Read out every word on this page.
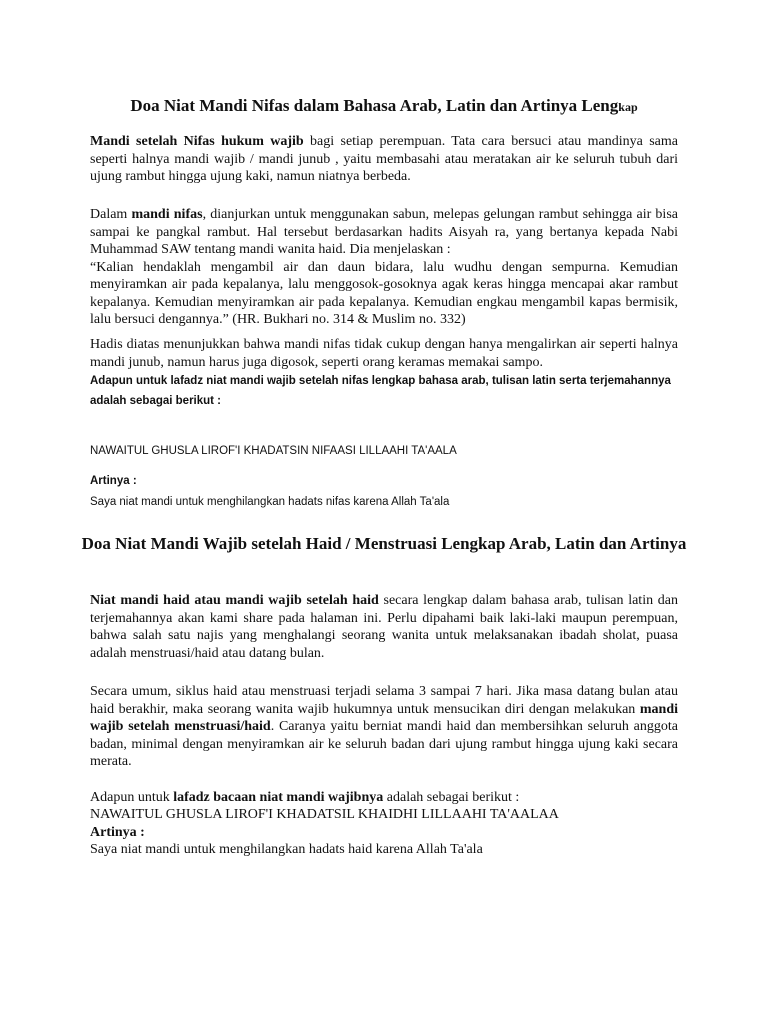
Doa Niat Mandi Nifas dalam Bahasa Arab, Latin dan Artinya Lengkap

Mandi setelah Nifas hukum wajib bagi setiap perempuan. Tata cara bersuci atau mandinya sama seperti halnya mandi wajib / mandi junub , yaitu membasahi atau meratakan air ke seluruh tubuh dari ujung rambut hingga ujung kaki, namun niatnya berbeda.

Dalam mandi nifas, dianjurkan untuk menggunakan sabun, melepas gelungan rambut sehingga air bisa sampai ke pangkal rambut. Hal tersebut berdasarkan hadits Aisyah ra, yang bertanya kepada Nabi Muhammad SAW tentang mandi wanita haid. Dia menjelaskan :
“Kalian hendaklah mengambil air dan daun bidara, lalu wudhu dengan sempurna. Kemudian menyiramkan air pada kepalanya, lalu menggosok-gosoknya agak keras hingga mencapai akar rambut kepalanya. Kemudian menyiramkan air pada kepalanya. Kemudian engkau mengambil kapas bermisik, lalu bersuci dengannya.” (HR. Bukhari no. 314 & Muslim no. 332)

Hadis diatas menunjukkan bahwa mandi nifas tidak cukup dengan hanya mengalirkan air seperti halnya mandi junub, namun harus juga digosok, seperti orang keramas memakai sampo.

Adapun untuk lafadz niat mandi wajib setelah nifas lengkap bahasa arab, tulisan latin serta terjemahannya adalah sebagai berikut :

NAWAITUL GHUSLA LIROF'I KHADATSIN NIFAASI LILLAAHI TA'AALA

Artinya :

Saya niat mandi untuk menghilangkan hadats nifas karena Allah Ta'ala

Doa Niat Mandi Wajib setelah Haid / Menstruasi Lengkap Arab, Latin dan Artinya

Niat mandi haid atau mandi wajib setelah haid secara lengkap dalam bahasa arab, tulisan latin dan terjemahannya akan kami share pada halaman ini. Perlu dipahami baik laki-laki maupun perempuan, bahwa salah satu najis yang menghalangi seorang wanita untuk melaksanakan ibadah sholat, puasa adalah menstruasi/haid atau datang bulan.

Secara umum, siklus haid atau menstruasi terjadi selama 3 sampai 7 hari. Jika masa datang bulan atau haid berakhir, maka seorang wanita wajib hukumnya untuk mensucikan diri dengan melakukan mandi wajib setelah menstruasi/haid. Caranya yaitu berniat mandi haid dan membersihkan seluruh anggota badan, minimal dengan menyiramkan air ke seluruh badan dari ujung rambut hingga ujung kaki secara merata.

Adapun untuk lafadz bacaan niat mandi wajibnya adalah sebagai berikut :

NAWAITUL GHUSLA LIROF'I KHADATSIL KHAIDHI LILLAAHI TA'AALAA

Artinya :

Saya niat mandi untuk menghilangkan hadats haid karena Allah Ta'ala
